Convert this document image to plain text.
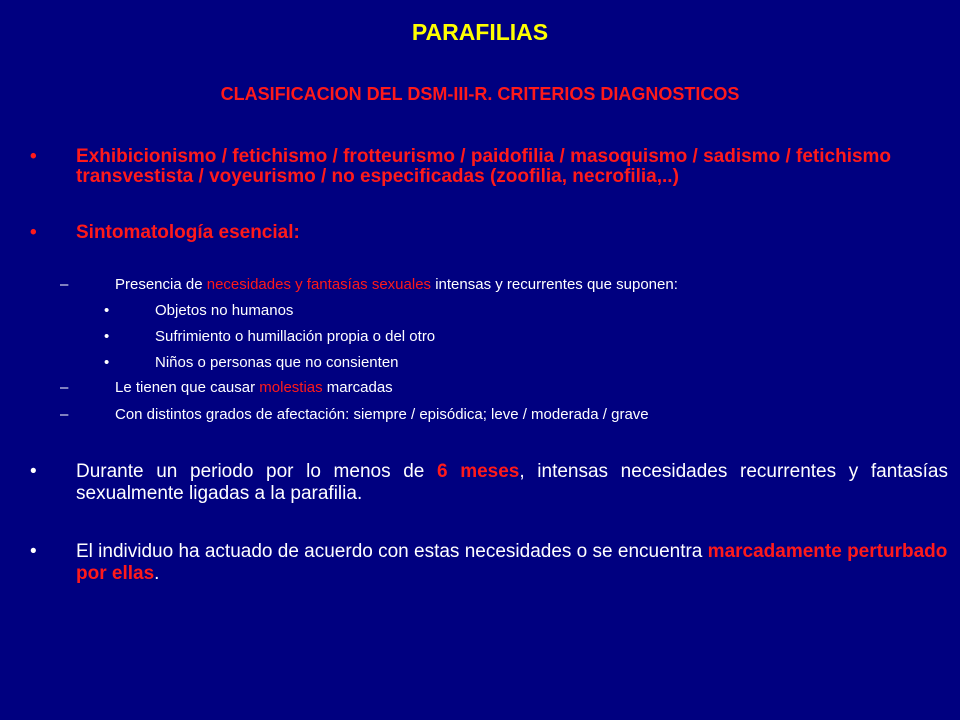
PARAFILIAS
CLASIFICACION DEL DSM-III-R. CRITERIOS DIAGNOSTICOS
• Exhibicionismo / fetichismo / frotteurismo / paidofilia / masoquismo / sadismo / fetichismo transvestista / voyeurismo / no especificadas (zoofilia, necrofilia,..)
• Sintomatología esencial:
–	Presencia de necesidades y fantasías sexuales intensas y recurrentes que suponen:
•	Objetos no humanos
•	Sufrimiento o humillación propia o del otro
•	Niños o personas que no consienten
–	Le tienen que causar molestias marcadas
–	Con distintos grados de afectación: siempre / episódica; leve / moderada / grave
• Durante un periodo por lo menos de 6 meses, intensas necesidades recurrentes y fantasías sexualmente ligadas a la parafilia.
• El individuo ha actuado de acuerdo con estas necesidades o se encuentra marcadamente perturbado por ellas.
